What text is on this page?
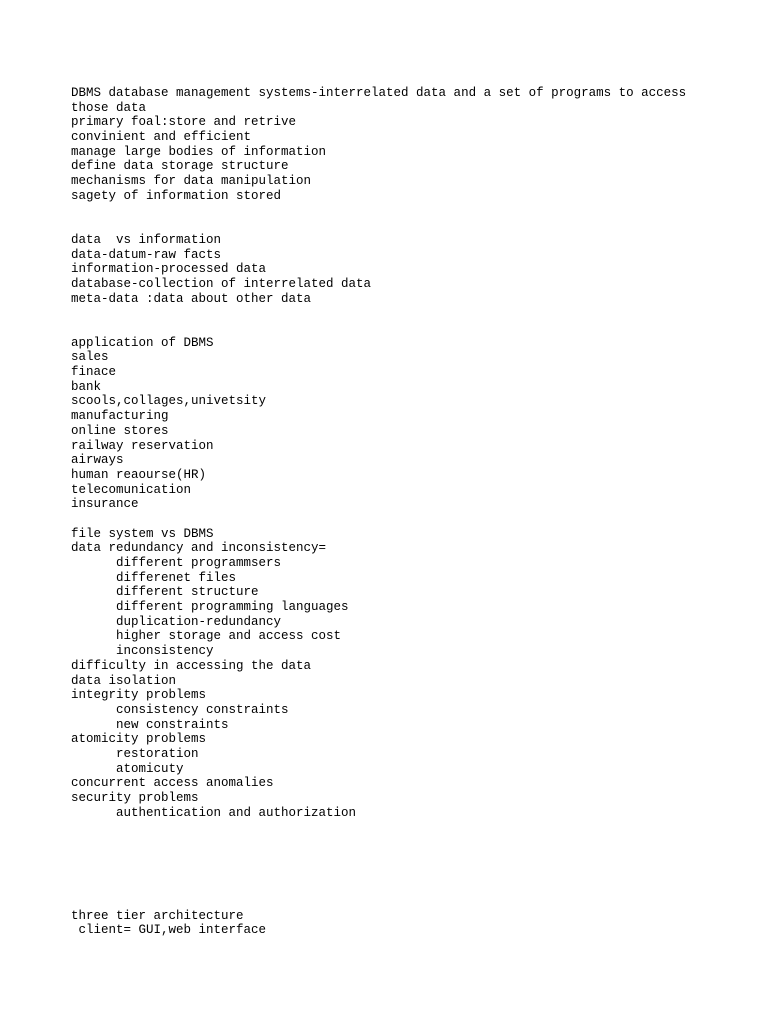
DBMS database management systems-interrelated data and a set of programs to access
those data
primary foal:store and retrive
convinient and efficient
manage large bodies of information
define data storage structure
mechanisms for data manipulation
sagety of information stored
data  vs information
data-datum-raw facts
information-processed data
database-collection of interrelated data
meta-data :data about other data
application of DBMS
sales
finace
bank
scools,collages,univetsity
manufacturing
online stores
railway reservation
airways
human reaourse(HR)
telecomunication
insurance
file system vs DBMS
data redundancy and inconsistency=
different programmsers
differenet files
different structure
different programming languages
duplication-redundancy
higher storage and access cost
inconsistency
difficulty in accessing the data
data isolation
integrity problems
consistency constraints
new constraints
atomicity problems
restoration
atomicuty
concurrent access anomalies
security problems
authentication and authorization
three tier architecture
client= GUI,web interface
